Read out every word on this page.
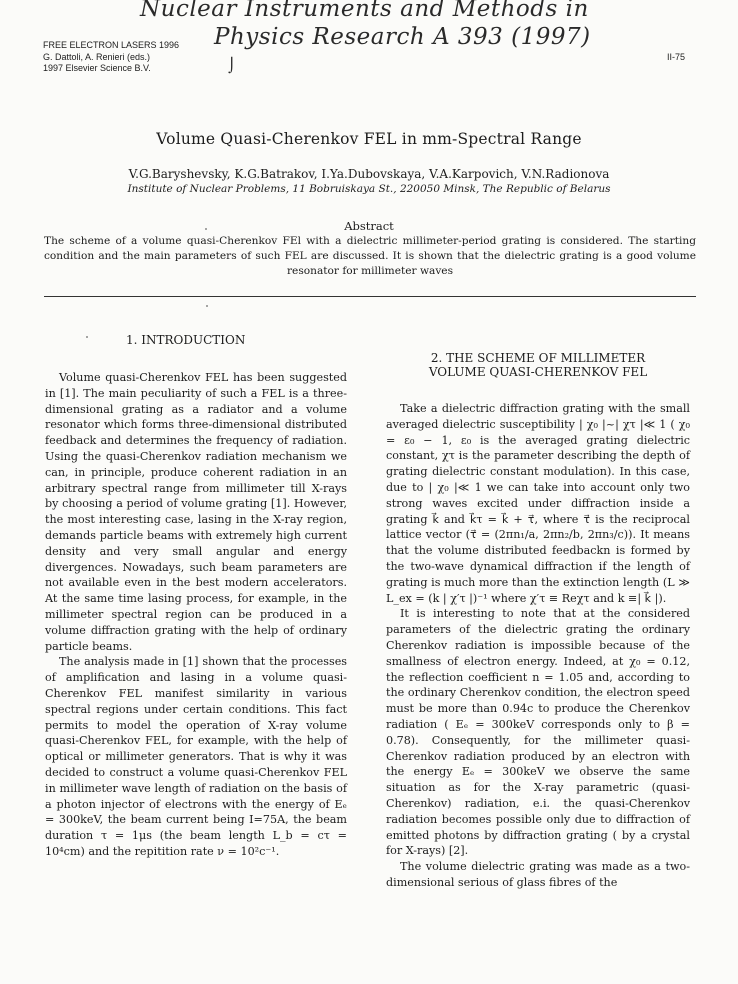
Nuclear Instruments and Methods in
Physics Research A 393 (1997)
⌡
FREE ELECTRON LASERS 1996
G. Dattoli, A. Renieri (eds.)
1997 Elsevier Science B.V.
II-75
Volume Quasi-Cherenkov FEL in mm-Spectral Range
V.G.Baryshevsky, K.G.Batrakov, I.Ya.Dubovskaya, V.A.Karpovich, V.N.Radionova
Institute of Nuclear Problems, 11 Bobruiskaya St., 220050 Minsk, The Republic of Belarus
Abstract
The scheme of a volume quasi-Cherenkov FEl with a dielectric millimeter-period grating is considered. The starting condition and the main parameters of such FEL are discussed. It is shown that the dielectric grating is a good volume resonator for millimeter waves
1. INTRODUCTION

Volume quasi-Cherenkov FEL has been suggested in [1]. The main peculiarity of such a FEL is a three-dimensional grating as a radiator and a volume resonator which forms three-dimensional distributed feedback and determines the frequency of radiation. Using the quasi-Cherenkov radiation mechanism we can, in principle, produce coherent radiation in an arbitrary spectral range from millimeter till X-rays by choosing a period of volume grating [1]. However, the most interesting case, lasing in the X-ray region, demands particle beams with extremely high current density and very small angular and energy divergences. Nowadays, such beam parameters are not available even in the best modern accelerators. At the same time lasing process, for example, in the millimeter spectral region can be produced in a volume diffraction grating with the help of ordinary particle beams.

The analysis made in [1] shown that the processes of amplification and lasing in a volume quasi-Cherenkov FEL manifest similarity in various spectral regions under certain conditions. This fact permits to model the operation of X-ray volume quasi-Cherenkov FEL, for example, with the help of optical or millimeter generators. That is why it was decided to construct a volume quasi-Cherenkov FEL in millimeter wave length of radiation on the basis of a photon injector of electrons with the energy of Eₑ = 300keV, the beam current being I=75A, the beam duration τ = 1μs (the beam length L_b = cτ = 10⁴cm) and the repitition rate ν = 10²c⁻¹.

2. THE SCHEME OF MILLIMETER
VOLUME QUASI-CHERENKOV FEL

Take a dielectric diffraction grating with the small averaged dielectric susceptibility | χ₀ |~| χτ |≪ 1 ( χ₀ = ε₀ − 1, ε₀ is the averaged grating dielectric constant, χτ is the parameter describing the depth of grating dielectric constant modulation). In this case, due to | χ₀ |≪ 1 we can take into account only two strong waves excited under diffraction inside a grating k⃗ and k⃗τ = k⃗ + τ⃗, where τ⃗ is the reciprocal lattice vector (τ⃗ = (2πn₁/a, 2πn₂/b, 2πn₃/c)). It means that the volume distributed feedbackn is formed by the two-wave dynamical diffraction if the length of grating is much more than the extinction length (L ≫ L_ex = (k | χ′τ |)⁻¹ where χ′τ ≡ Reχτ and k ≡| k⃗ |).

It is interesting to note that at the considered parameters of the dielectric grating the ordinary Cherenkov radiation is impossible because of the smallness of electron energy. Indeed, at χ₀ = 0.12, the reflection coefficient n = 1.05 and, according to the ordinary Cherenkov condition, the electron speed must be more than 0.94c to produce the Cherenkov radiation ( Eₑ = 300keV corresponds only to β = 0.78). Consequently, for the millimeter quasi-Cherenkov radiation produced by an electron with the energy Eₑ = 300keV we observe the same situation as for the X-ray parametric (quasi-Cherenkov) radiation, e.i. the quasi-Cherenkov radiation becomes possible only due to diffraction of emitted photons by diffraction grating ( by a crystal for X-rays) [2].

The volume dielectric grating was made as a two-dimensional serious of glass fibres of the
